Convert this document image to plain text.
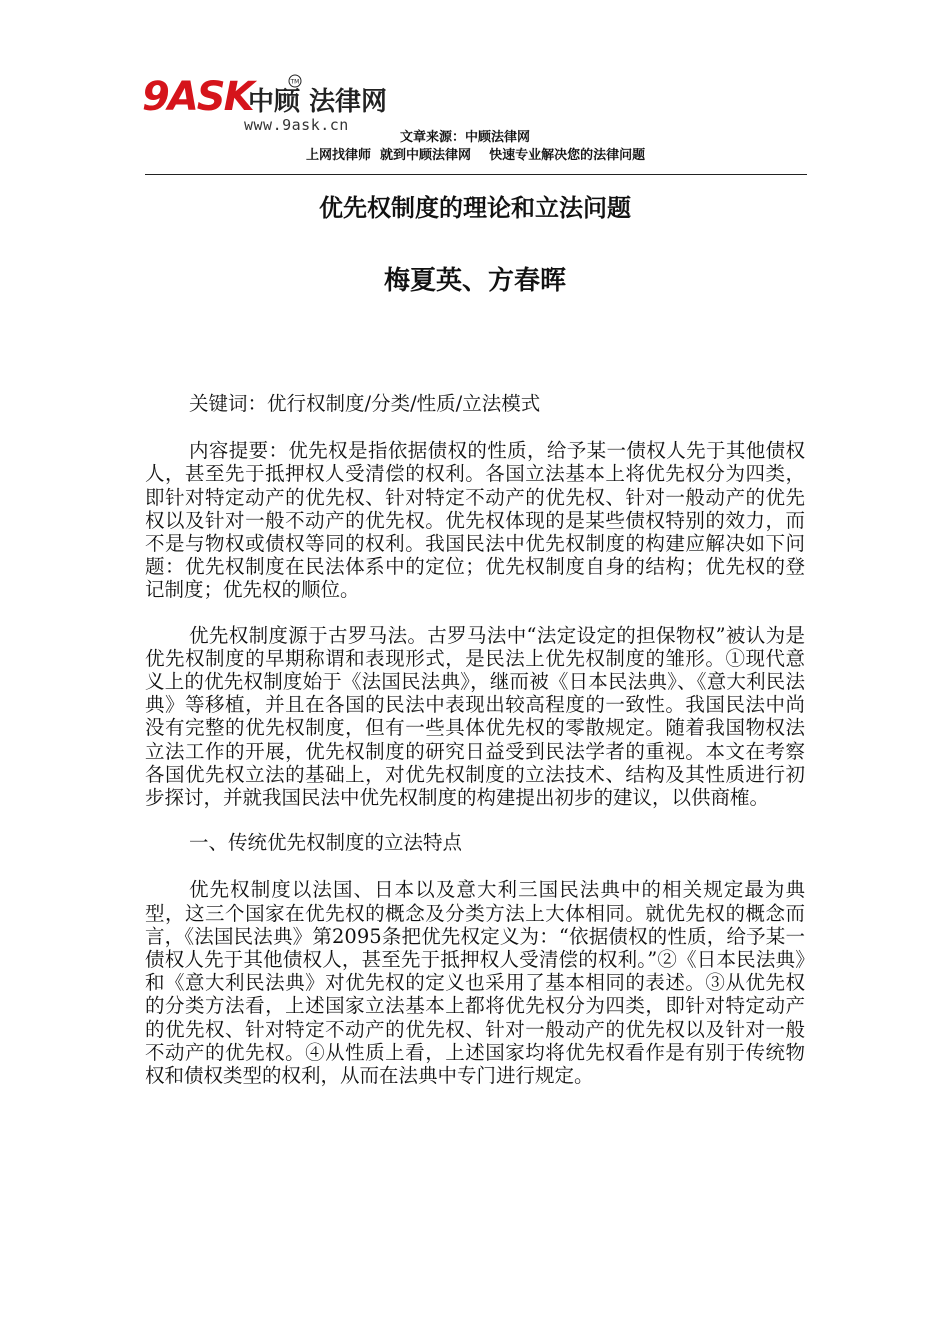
9ASK
中顾 法律网
TM
www.9ask.cn
文章来源：中顾法律网
上网找律师  就到中顾法律网    快速专业解决您的法律问题
优先权制度的理论和立法问题
梅夏英、方春晖

关键词：优行权制度/分类/性质/立法模式

内容提要：优先权是指依据债权的性质，给予某一债权人先于其他债权人，甚至先于抵押权人受清偿的权利。各国立法基本上将优先权分为四类，即针对特定动产的优先权、针对特定不动产的优先权、针对一般动产的优先权以及针对一般不动产的优先权。优先权体现的是某些债权特别的效力，而不是与物权或债权等同的权利。我国民法中优先权制度的构建应解决如下问题：优先权制度在民法体系中的定位；优先权制度自身的结构；优先权的登记制度；优先权的顺位。

优先权制度源于古罗马法。古罗马法中“法定设定的担保物权”被认为是优先权制度的早期称谓和表现形式，是民法上优先权制度的雏形。①现代意义上的优先权制度始于《法国民法典》，继而被《日本民法典》、《意大利民法典》等移植，并且在各国的民法中表现出较高程度的一致性。我国民法中尚没有完整的优先权制度，但有一些具体优先权的零散规定。随着我国物权法立法工作的开展，优先权制度的研究日益受到民法学者的重视。本文在考察各国优先权立法的基础上，对优先权制度的立法技术、结构及其性质进行初步探讨，并就我国民法中优先权制度的构建提出初步的建议，以供商榷。

一、传统优先权制度的立法特点

优先权制度以法国、日本以及意大利三国民法典中的相关规定最为典型，这三个国家在优先权的概念及分类方法上大体相同。就优先权的概念而言，《法国民法典》第2095条把优先权定义为：“依据债权的性质，给予某一债权人先于其他债权人，甚至先于抵押权人受清偿的权利。”②《日本民法典》和《意大利民法典》对优先权的定义也采用了基本相同的表述。③从优先权的分类方法看，上述国家立法基本上都将优先权分为四类，即针对特定动产的优先权、针对特定不动产的优先权、针对一般动产的优先权以及针对一般不动产的优先权。④从性质上看，上述国家均将优先权看作是有别于传统物权和债权类型的权利，从而在法典中专门进行规定。
